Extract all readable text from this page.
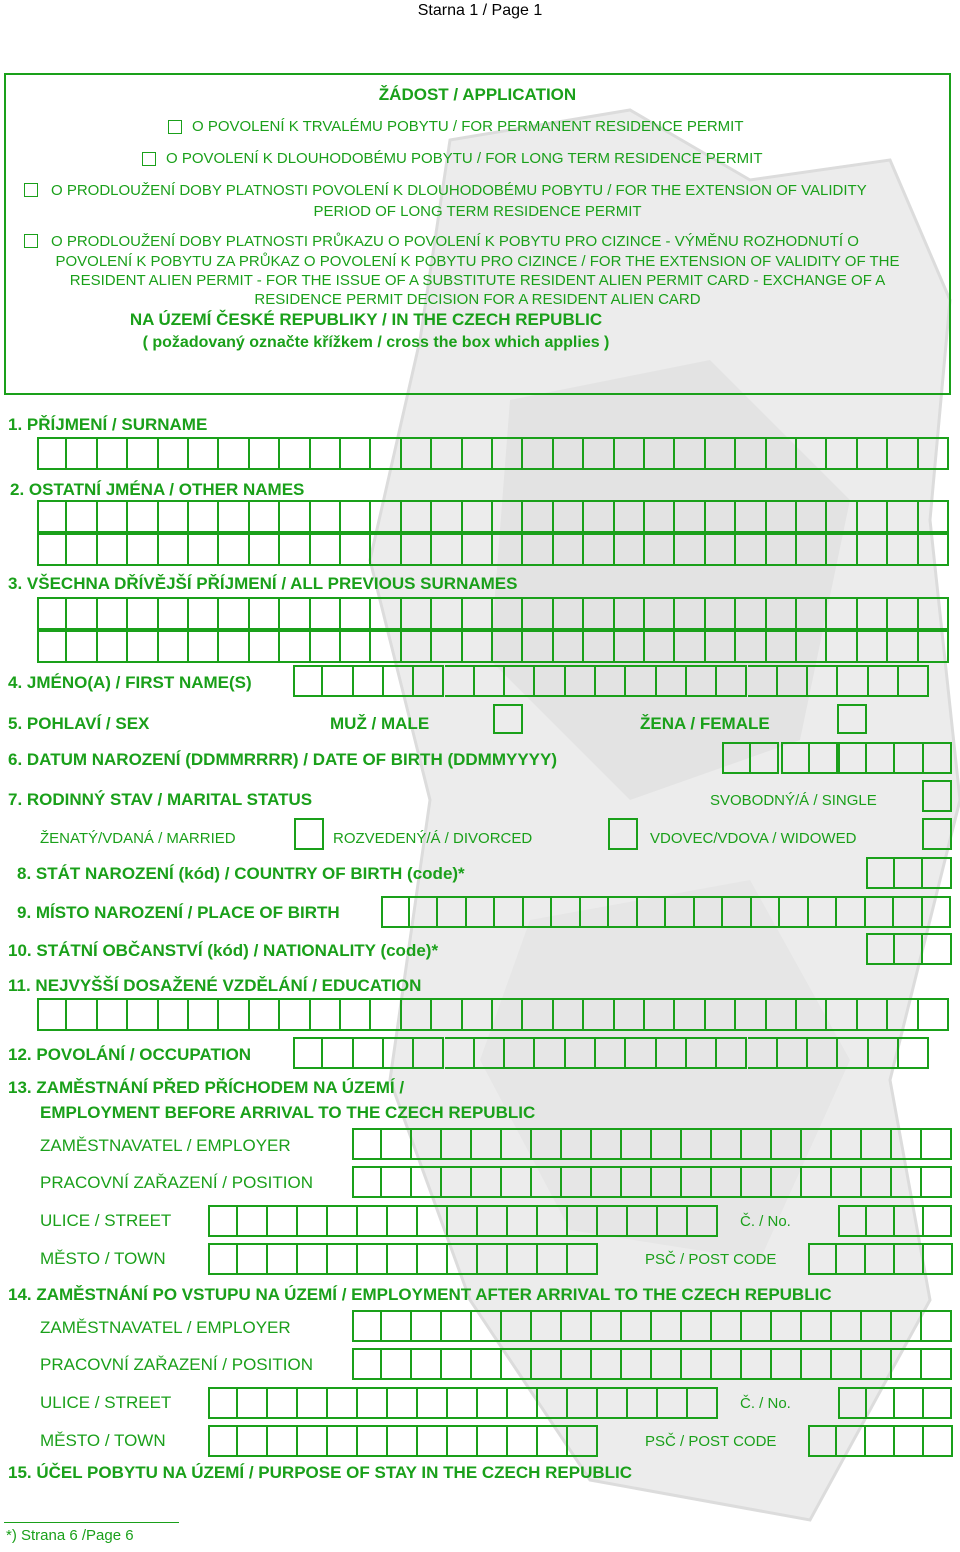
Starna 1 / Page 1
ŽÁDOST / APPLICATION
O POVOLENÍ K TRVALÉMU POBYTU / FOR PERMANENT RESIDENCE PERMIT
O POVOLENÍ K DLOUHODOBÉMU POBYTU / FOR LONG TERM RESIDENCE PERMIT
O PRODLOUŽENÍ DOBY PLATNOSTI POVOLENÍ K DLOUHODOBÉMU POBYTU / FOR THE EXTENSION OF VALIDITY
PERIOD OF LONG TERM RESIDENCE PERMIT
O PRODLOUŽENÍ DOBY PLATNOSTI PRŮKAZU O POVOLENÍ K POBYTU PRO CIZINCE - VÝMĚNU ROZHODNUTÍ O
POVOLENÍ K POBYTU ZA PRŮKAZ O POVOLENÍ K POBYTU PRO CIZINCE / FOR THE EXTENSION OF VALIDITY OF THE
RESIDENT ALIEN PERMIT - FOR THE ISSUE OF A SUBSTITUTE RESIDENT ALIEN PERMIT CARD - EXCHANGE OF A
RESIDENCE PERMIT DECISION FOR A RESIDENT ALIEN CARD
NA ÚZEMÍ ČESKÉ REPUBLIKY / IN THE CZECH REPUBLIC
( požadovaný označte křížkem / cross the box which applies )
1. PŘÍJMENÍ / SURNAME
2. OSTATNÍ JMÉNA / OTHER NAMES
3. VŠECHNA DŘÍVĚJŠÍ PŘÍJMENÍ / ALL PREVIOUS SURNAMES
4. JMÉNO(A) / FIRST NAME(S)
5. POHLAVÍ / SEX	MUŽ / MALE	ŽENA / FEMALE
6. DATUM NAROZENÍ (DDMMRRRR) / DATE OF BIRTH (DDMMYYYY)
7. RODINNÝ STAV / MARITAL STATUS	SVOBODNÝ/Á / SINGLE
ŽENATÝ/VDANÁ / MARRIED	ROZVEDENÝ/Á / DIVORCED	VDOVEC/VDOVA / WIDOWED
8. STÁT NAROZENÍ (kód) / COUNTRY OF BIRTH (code)*
9. MÍSTO NAROZENÍ / PLACE OF BIRTH
10. STÁTNÍ OBČANSTVÍ (kód) / NATIONALITY (code)*
11. NEJVYŠŠÍ DOSAŽENÉ VZDĚLÁNÍ / EDUCATION
12. POVOLÁNÍ / OCCUPATION
13. ZAMĚSTNÁNÍ PŘED PŘÍCHODEM NA ÚZEMÍ /
EMPLOYMENT BEFORE ARRIVAL TO THE CZECH REPUBLIC
ZAMĚSTNAVATEL / EMPLOYER
PRACOVNÍ ZAŘAZENÍ / POSITION
ULICE / STREET	Č. / No.
MĚSTO / TOWN	PSČ / POST CODE
14. ZAMĚSTNÁNÍ PO VSTUPU NA ÚZEMÍ / EMPLOYMENT AFTER ARRIVAL TO THE CZECH REPUBLIC
ZAMĚSTNAVATEL / EMPLOYER
PRACOVNÍ ZAŘAZENÍ / POSITION
ULICE / STREET	Č. / No.
MĚSTO / TOWN	PSČ / POST CODE
15. ÚČEL POBYTU NA ÚZEMÍ / PURPOSE OF STAY IN THE CZECH REPUBLIC
*) Strana 6 /Page 6
